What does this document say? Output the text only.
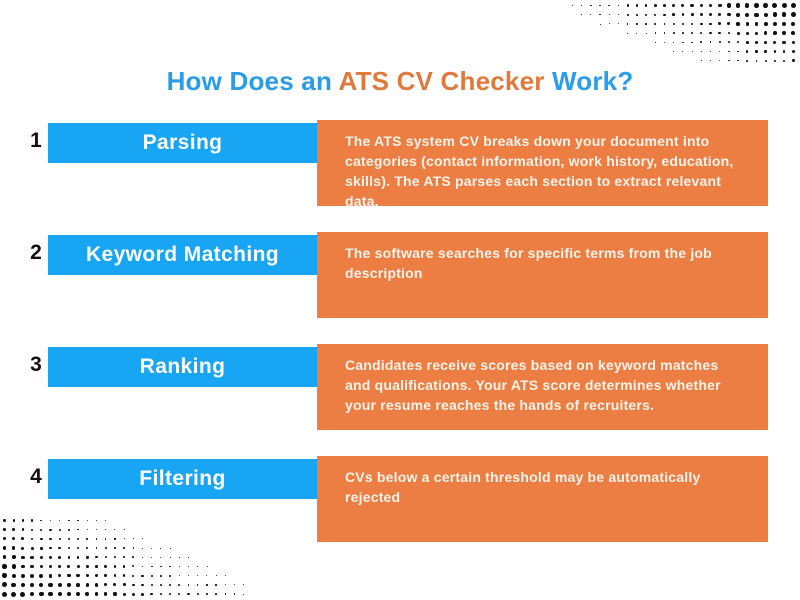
How Does an ATS CV Checker Work?
1	Parsing	The ATS system CV breaks down your document into categories (contact information, work history, education, skills). The ATS parses each section to extract relevant data.
2	Keyword Matching	The software searches for specific terms from the job description
3	Ranking	Candidates receive scores based on keyword matches and qualifications. Your ATS score determines whether your resume reaches the hands of recruiters.
4	Filtering	CVs below a certain threshold may be automatically rejected
